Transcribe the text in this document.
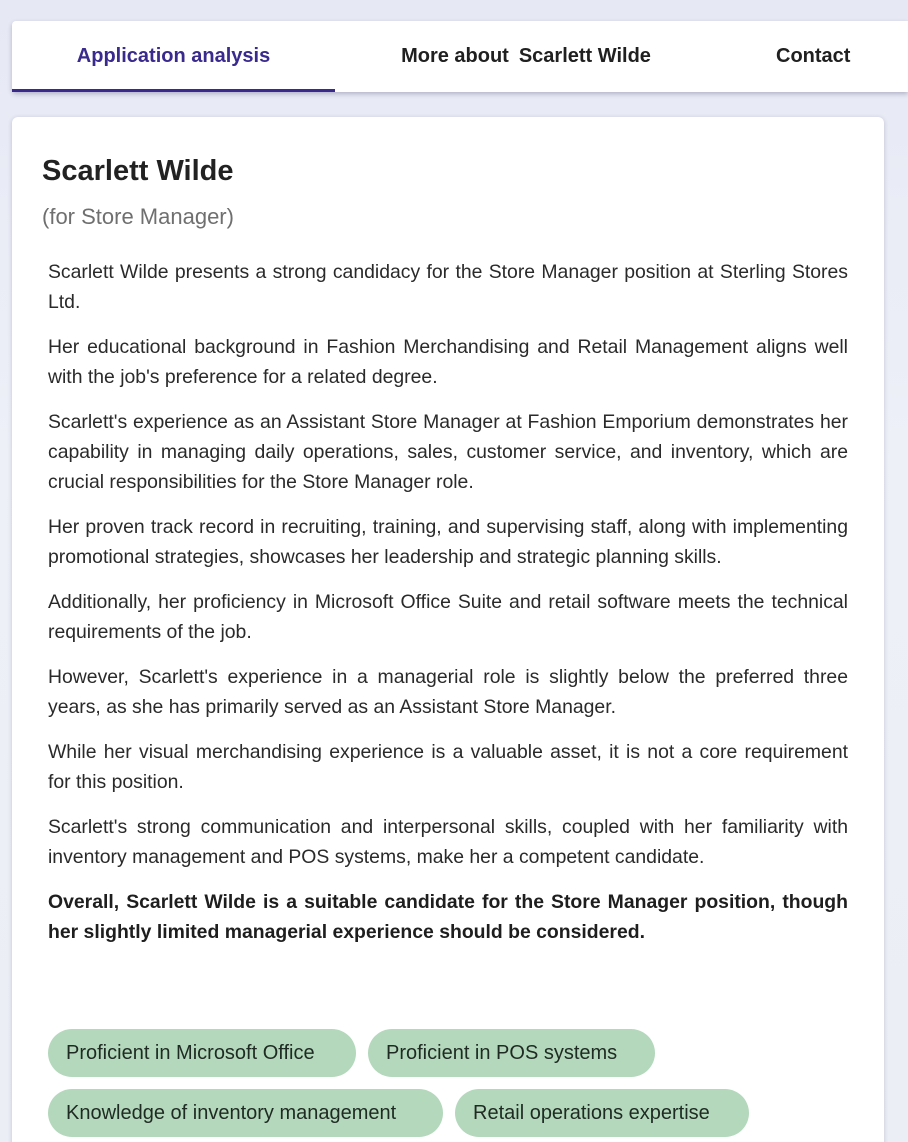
Application analysis	More about Scarlett Wilde	Contact
Scarlett Wilde
(for Store Manager)

Scarlett Wilde presents a strong candidacy for the Store Manager position at Sterling Stores Ltd.

Her educational background in Fashion Merchandising and Retail Management aligns well with the job's preference for a related degree.

Scarlett's experience as an Assistant Store Manager at Fashion Emporium demonstrates her capability in managing daily operations, sales, customer service, and inventory, which are crucial responsibilities for the Store Manager role.

Her proven track record in recruiting, training, and supervising staff, along with implementing promotional strategies, showcases her leadership and strategic planning skills.

Additionally, her proficiency in Microsoft Office Suite and retail software meets the technical requirements of the job.

However, Scarlett's experience in a managerial role is slightly below the preferred three years, as she has primarily served as an Assistant Store Manager.

While her visual merchandising experience is a valuable asset, it is not a core requirement for this position.

Scarlett's strong communication and interpersonal skills, coupled with her familiarity with inventory management and POS systems, make her a competent candidate.

Overall, Scarlett Wilde is a suitable candidate for the Store Manager position, though her slightly limited managerial experience should be considered.

Proficient in Microsoft Office	Proficient in POS systems
Knowledge of inventory management	Retail operations expertise
